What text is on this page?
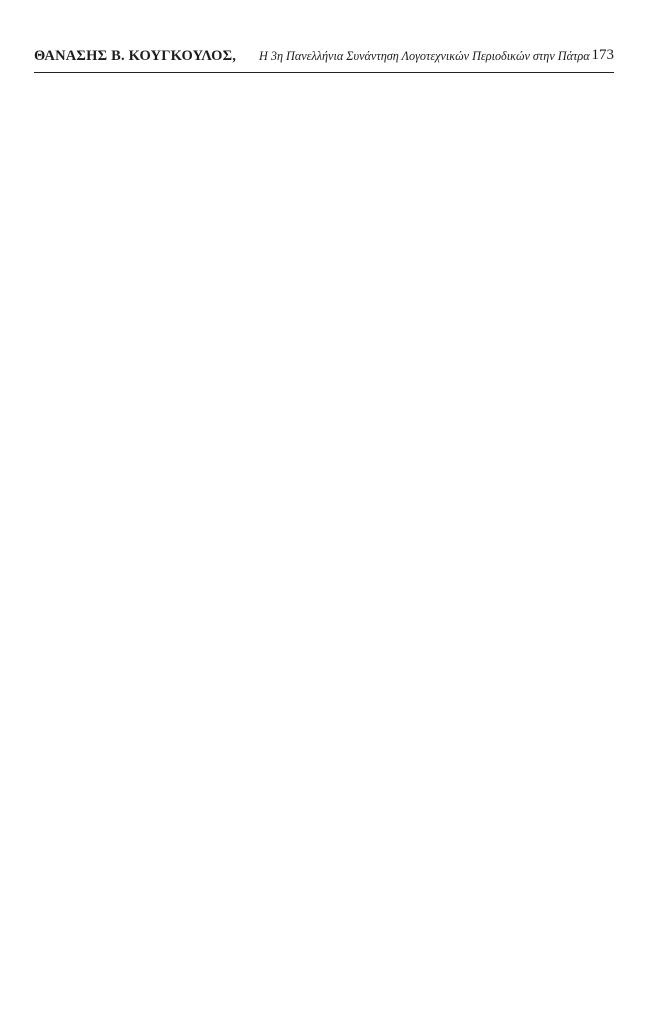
ΘΑΝΑΣΗΣ Β. ΚΟΥΓΚΟΥΛΟΣ, Η 3η Πανελλήνια Συνάντηση Λογοτεχνικών Περιοδικών στην Πάτρα 173
